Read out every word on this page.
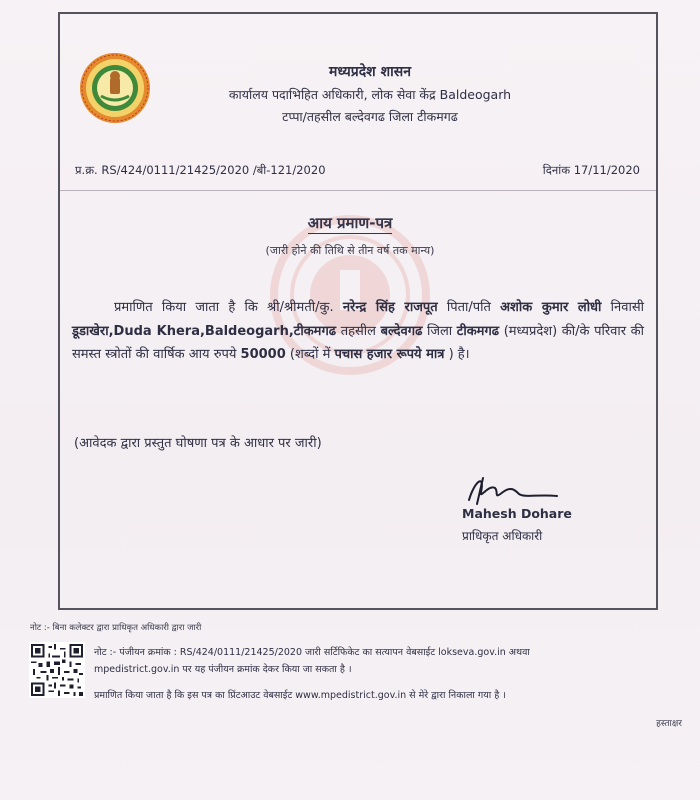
मध्यप्रदेश शासन
कार्यालय पदाभिहित अधिकारी, लोक सेवा केंद्र Baldeogarh
टप्पा/तहसील बल्देवगढ जिला टीकमगढ
प्र.क्र. RS/424/0111/21425/2020 /बी-121/2020	दिनांक 17/11/2020
आय प्रमाण-पत्र
(जारी होने की तिथि से तीन वर्ष तक मान्य)
प्रमाणित किया जाता है कि श्री/श्रीमती/कु. नरेन्द्र सिंह राजपूत पिता/पति अशोक कुमार लोधी निवासी डूडाखेरा,Duda Khera,Baldeogarh,टीकमगढ तहसील बल्देवगढ जिला टीकमगढ (मध्यप्रदेश) की/के परिवार की समस्त स्त्रोतों की वार्षिक आय रुपये 50000 (शब्दों में पचास हजार रूपये मात्र ) है।
(आवेदक द्वारा प्रस्तुत घोषणा पत्र के आधार पर जारी)
Mahesh Dohare
प्राधिकृत अधिकारी
नोट :- बिना कलेक्टर द्वारा प्राधिकृत अधिकारी द्वारा जारी
नोट :- पंजीयन क्रमांक : RS/424/0111/21425/2020 जारी सर्टिफिकेट का सत्यापन वेबसाईट lokseva.gov.in अथवा
mpedistrict.gov.in पर यह पंजीयन क्रमांक देकर किया जा सकता है ।
प्रमाणित किया जाता है कि इस पत्र का प्रिंटआउट वेबसाईट www.mpedistrict.gov.in से मेरे द्वारा निकाला गया है ।
हस्ताक्षर
